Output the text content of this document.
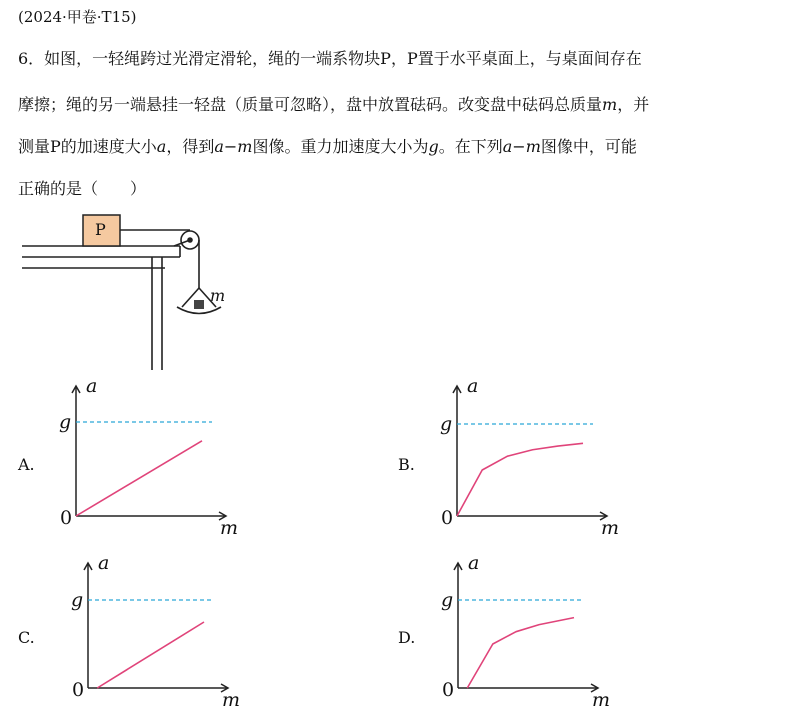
(2024·甲卷·T15)
6．如图，一轻绳跨过光滑定滑轮，绳的一端系物块P，P置于水平桌面上，与桌面间存在
摩擦；绳的另一端悬挂一轻盘（质量可忽略），盘中放置砝码。改变盘中砝码总质量m，并
测量P的加速度大小a，得到a−m图像。重力加速度大小为g。在下列a−m图像中，可能
正确的是（　　）
P
m
A.	B.
C.	D.
a
m
0
g
a
m
0
g
a
m
0
g
a
m
0
g
